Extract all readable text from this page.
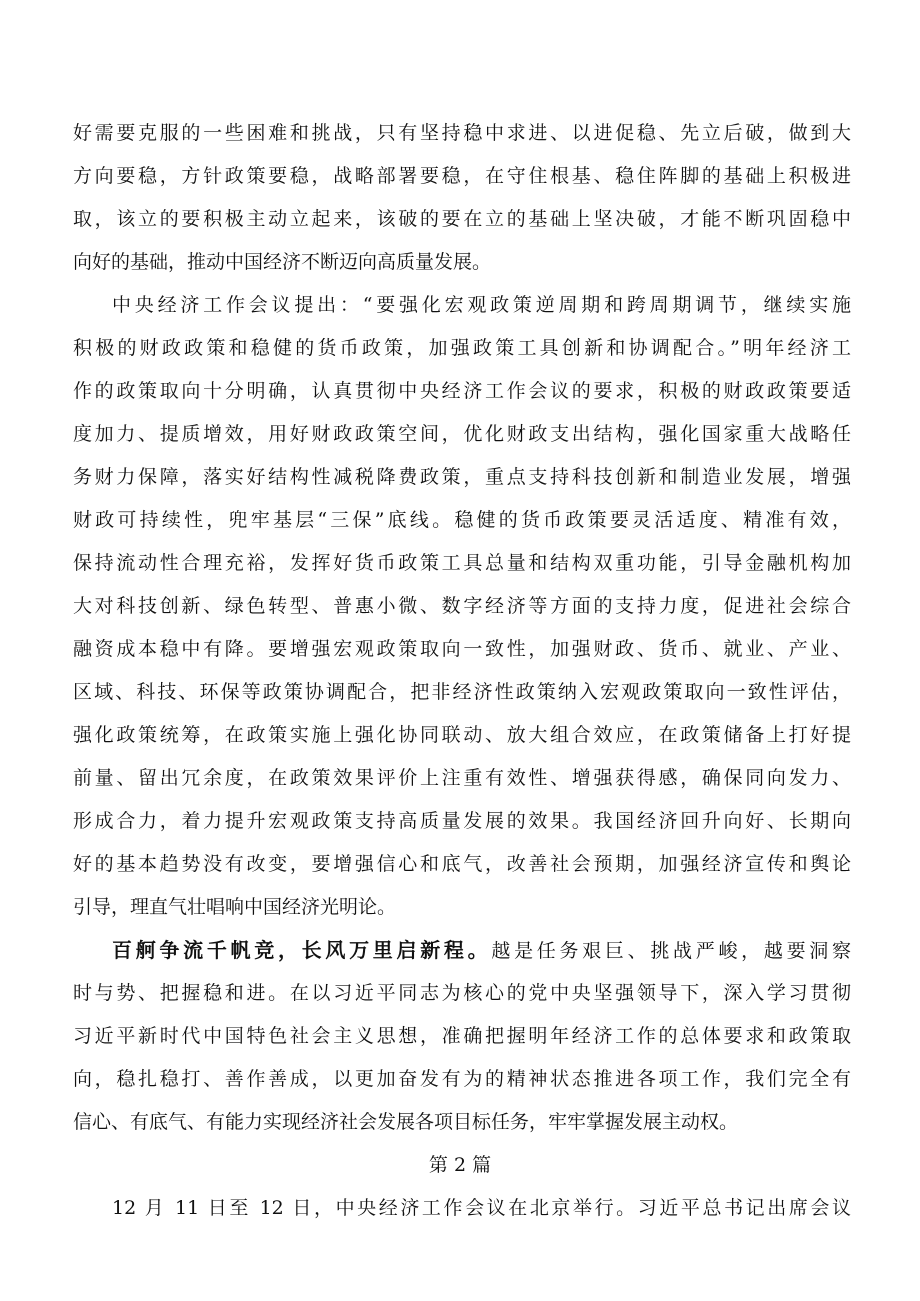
好需要克服的一些困难和挑战，只有坚持稳中求进、以进促稳、先立后破，做到大
方向要稳，方针政策要稳，战略部署要稳，在守住根基、稳住阵脚的基础上积极进
取，该立的要积极主动立起来，该破的要在立的基础上坚决破，才能不断巩固稳中
向好的基础，推动中国经济不断迈向高质量发展。
中央经济工作会议提出：“要强化宏观政策逆周期和跨周期调节，继续实施
积极的财政政策和稳健的货币政策，加强政策工具创新和协调配合。”明年经济工
作的政策取向十分明确，认真贯彻中央经济工作会议的要求，积极的财政政策要适
度加力、提质增效，用好财政政策空间，优化财政支出结构，强化国家重大战略任
务财力保障，落实好结构性减税降费政策，重点支持科技创新和制造业发展，增强
财政可持续性，兜牢基层“三保”底线。稳健的货币政策要灵活适度、精准有效，
保持流动性合理充裕，发挥好货币政策工具总量和结构双重功能，引导金融机构加
大对科技创新、绿色转型、普惠小微、数字经济等方面的支持力度，促进社会综合
融资成本稳中有降。要增强宏观政策取向一致性，加强财政、货币、就业、产业、
区域、科技、环保等政策协调配合，把非经济性政策纳入宏观政策取向一致性评估，
强化政策统筹，在政策实施上强化协同联动、放大组合效应，在政策储备上打好提
前量、留出冗余度，在政策效果评价上注重有效性、增强获得感，确保同向发力、
形成合力，着力提升宏观政策支持高质量发展的效果。我国经济回升向好、长期向
好的基本趋势没有改变，要增强信心和底气，改善社会预期，加强经济宣传和舆论
引导，理直气壮唱响中国经济光明论。
百舸争流千帆竞，长风万里启新程。越是任务艰巨、挑战严峻，越要洞察
时与势、把握稳和进。在以习近平同志为核心的党中央坚强领导下，深入学习贯彻
习近平新时代中国特色社会主义思想，准确把握明年经济工作的总体要求和政策取
向，稳扎稳打、善作善成，以更加奋发有为的精神状态推进各项工作，我们完全有
信心、有底气、有能力实现经济社会发展各项目标任务，牢牢掌握发展主动权。
第 2 篇
12 月 11 日至 12 日，中央经济工作会议在北京举行。习近平总书记出席会议
